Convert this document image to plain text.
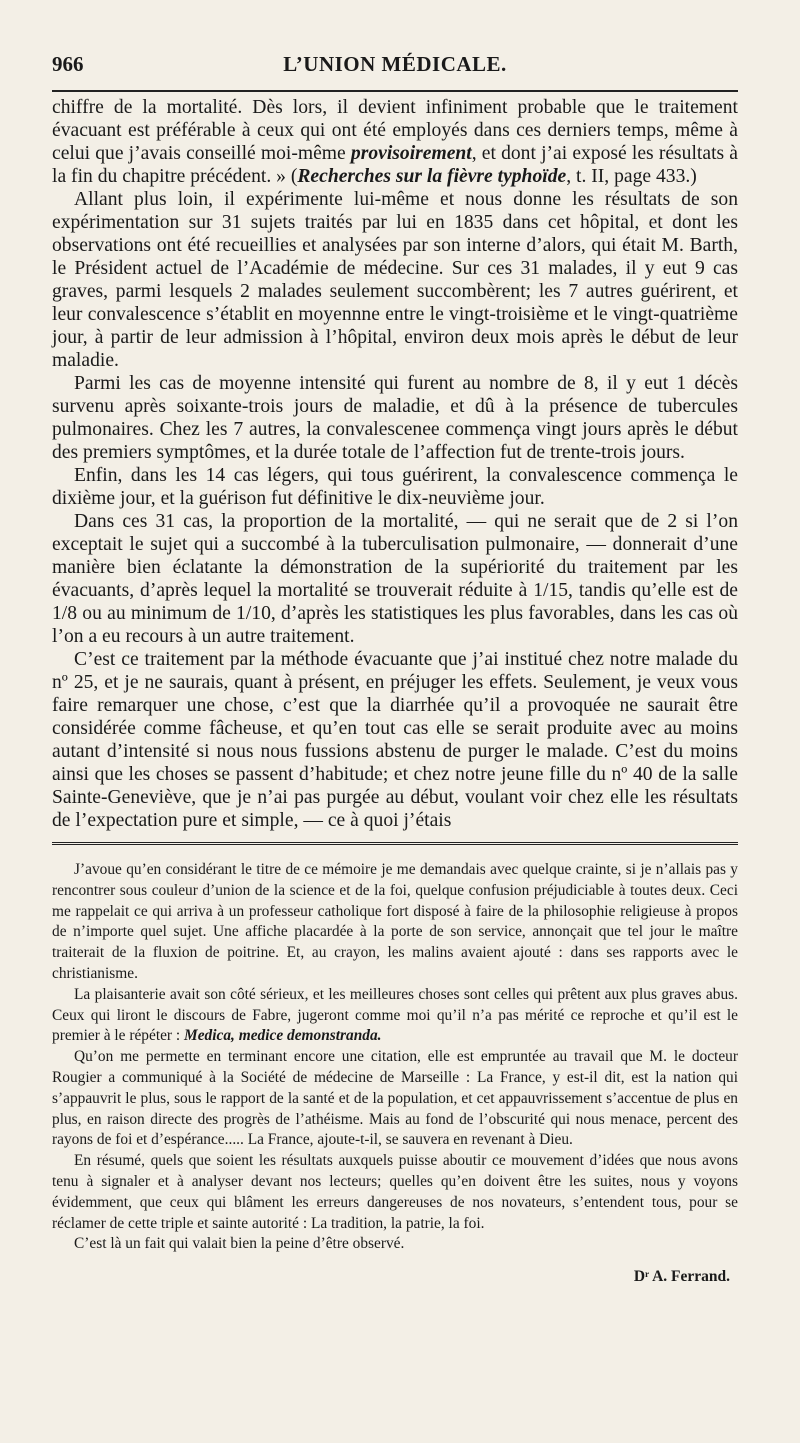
966	L’UNION MÉDICALE.

chiffre de la mortalité. Dès lors, il devient infiniment probable que le traitement évacuant est préférable à ceux qui ont été employés dans ces derniers temps, même à celui que j’avais conseillé moi-même provisoirement, et dont j’ai exposé les résultats à la fin du chapitre précédent. » (Recherches sur la fièvre typhoïde, t. II, page 433.)

Allant plus loin, il expérimente lui-même et nous donne les résultats de son expérimentation sur 31 sujets traités par lui en 1835 dans cet hôpital, et dont les observations ont été recueillies et analysées par son interne d’alors, qui était M. Barth, le Président actuel de l’Académie de médecine. Sur ces 31 malades, il y eut 9 cas graves, parmi lesquels 2 malades seulement succombèrent; les 7 autres guérirent, et leur convalescence s’établit en moyennne entre le vingt-troisième et le vingt-quatrième jour, à partir de leur admission à l’hôpital, environ deux mois après le début de leur maladie.

Parmi les cas de moyenne intensité qui furent au nombre de 8, il y eut 1 décès survenu après soixante-trois jours de maladie, et dû à la présence de tubercules pulmonaires. Chez les 7 autres, la convalescenee commença vingt jours après le début des premiers symptômes, et la durée totale de l’affection fut de trente-trois jours.

Enfin, dans les 14 cas légers, qui tous guérirent, la convalescence commença le dixième jour, et la guérison fut définitive le dix-neuvième jour.

Dans ces 31 cas, la proportion de la mortalité, — qui ne serait que de 2 si l’on exceptait le sujet qui a succombé à la tuberculisation pulmonaire, — donnerait d’une manière bien éclatante la démonstration de la supériorité du traitement par les évacuants, d’après lequel la mortalité se trouverait réduite à 1/15, tandis qu’elle est de 1/8 ou au minimum de 1/10, d’après les statistiques les plus favorables, dans les cas où l’on a eu recours à un autre traitement.

C’est ce traitement par la méthode évacuante que j’ai institué chez notre malade du nº 25, et je ne saurais, quant à présent, en préjuger les effets. Seulement, je veux vous faire remarquer une chose, c’est que la diarrhée qu’il a provoquée ne saurait être considérée comme fâcheuse, et qu’en tout cas elle se serait produite avec au moins autant d’intensité si nous nous fussions abstenu de purger le malade. C’est du moins ainsi que les choses se passent d’habitude; et chez notre jeune fille du nº 40 de la salle Sainte-Geneviève, que je n’ai pas purgée au début, voulant voir chez elle les résultats de l’expectation pure et simple, — ce à quoi j’étais

J’avoue qu’en considérant le titre de ce mémoire je me demandais avec quelque crainte, si je n’allais pas y rencontrer sous couleur d’union de la science et de la foi, quelque confusion préjudiciable à toutes deux. Ceci me rappelait ce qui arriva à un professeur catholique fort disposé à faire de la philosophie religieuse à propos de n’importe quel sujet. Une affiche placardée à la porte de son service, annonçait que tel jour le maître traiterait de la fluxion de poitrine. Et, au crayon, les malins avaient ajouté : dans ses rapports avec le christianisme.

La plaisanterie avait son côté sérieux, et les meilleures choses sont celles qui prêtent aux plus graves abus. Ceux qui liront le discours de Fabre, jugeront comme moi qu’il n’a pas mérité ce reproche et qu’il est le premier à le répéter : Medica, medice demonstranda.

Qu’on me permette en terminant encore une citation, elle est empruntée au travail que M. le docteur Rougier a communiqué à la Société de médecine de Marseille : La France, y est-il dit, est la nation qui s’appauvrit le plus, sous le rapport de la santé et de la population, et cet appauvrissement s’accentue de plus en plus, en raison directe des progrès de l’athéisme. Mais au fond de l’obscurité qui nous menace, percent des rayons de foi et d’espérance..... La France, ajoute-t-il, se sauvera en revenant à Dieu.

En résumé, quels que soient les résultats auxquels puisse aboutir ce mouvement d’idées que nous avons tenu à signaler et à analyser devant nos lecteurs; quelles qu’en doivent être les suites, nous y voyons évidemment, que ceux qui blâment les erreurs dangereuses de nos novateurs, s’entendent tous, pour se réclamer de cette triple et sainte autorité : La tradition, la patrie, la foi.

C’est là un fait qui valait bien la peine d’être observé.

Dʳ A. Ferrand.
